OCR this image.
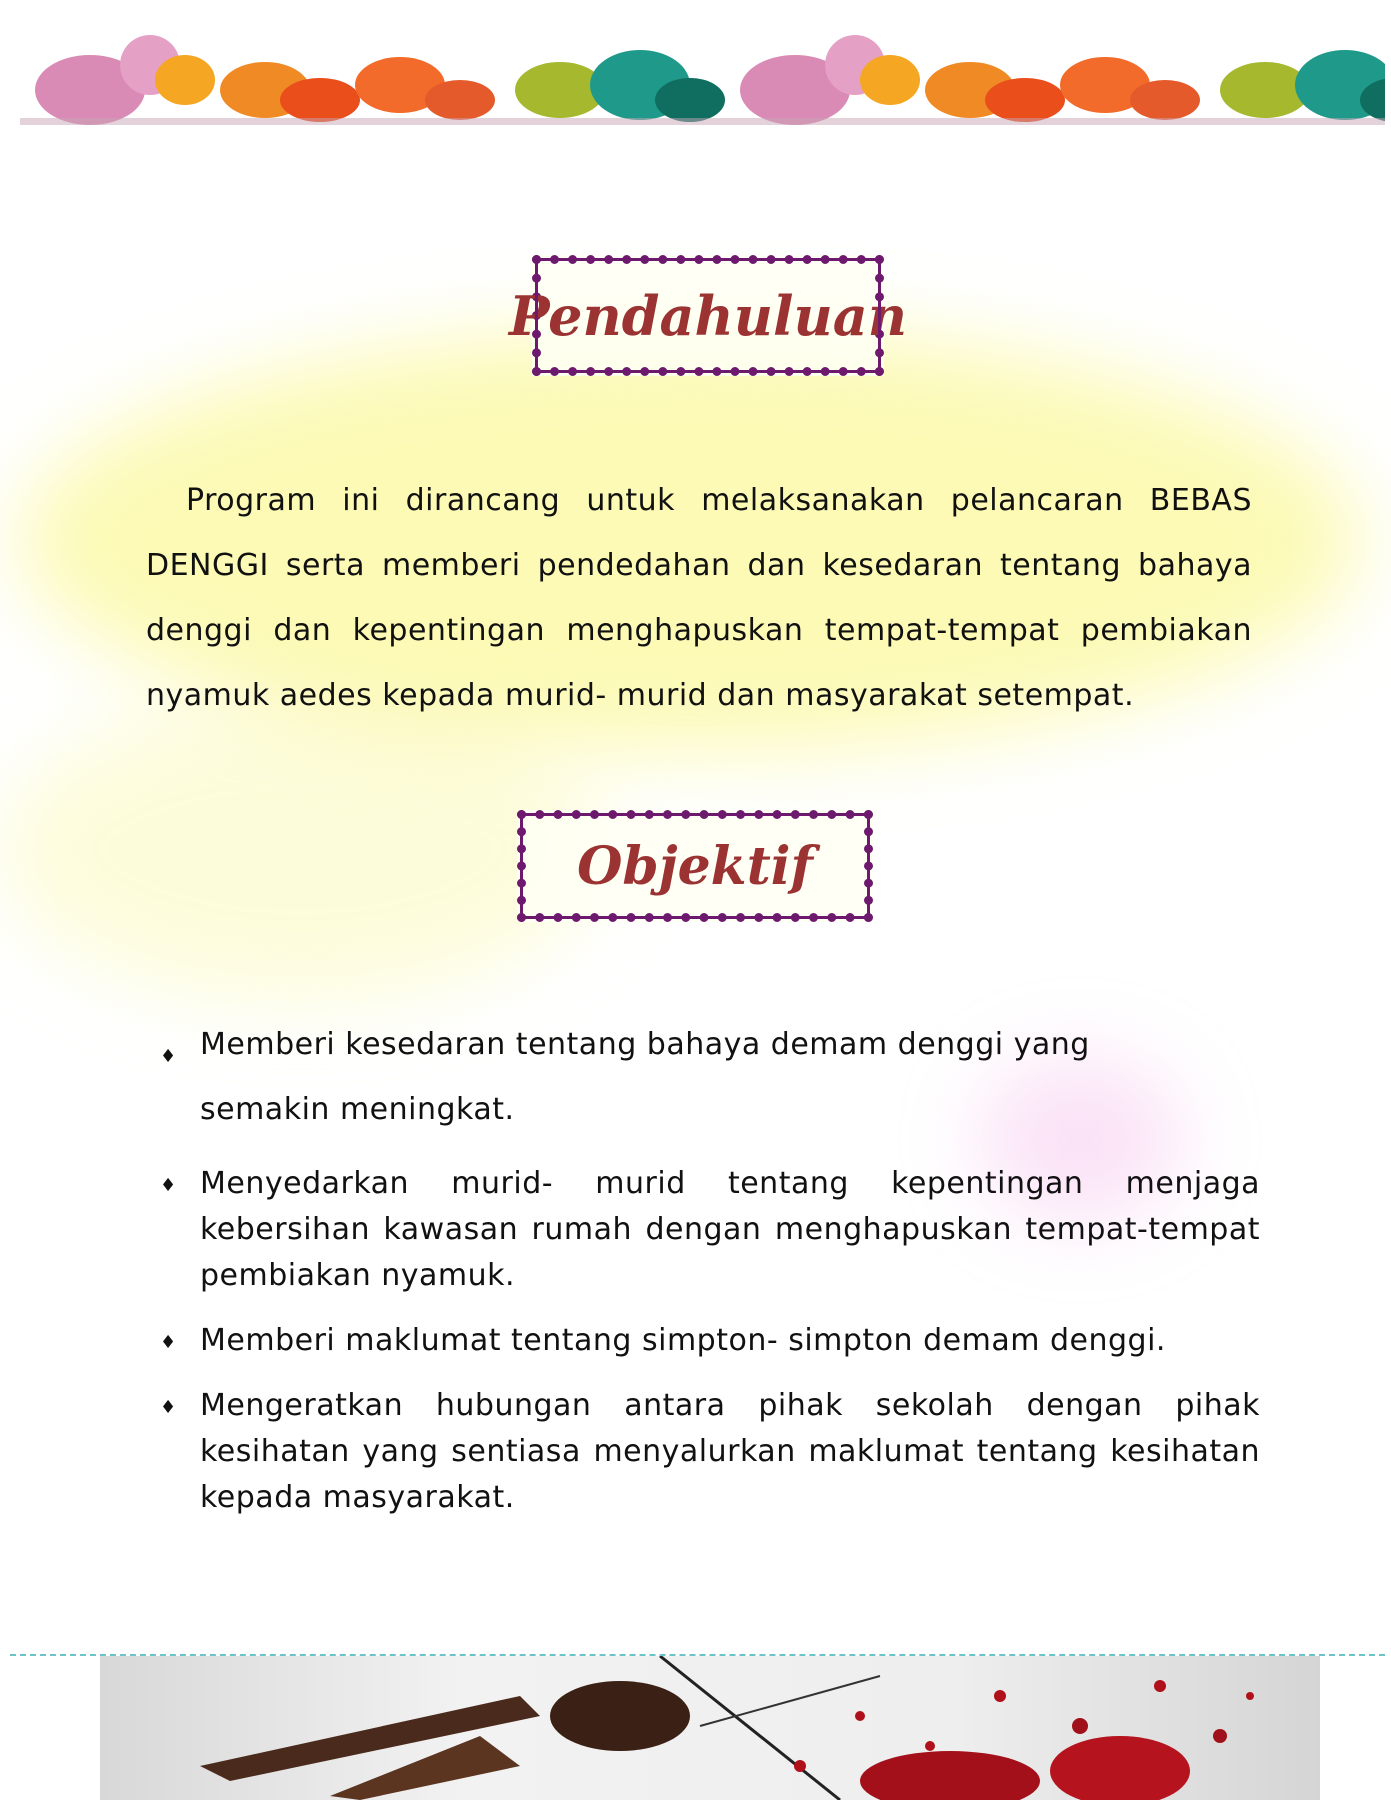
Pendahuluan
Program ini dirancang untuk melaksanakan pelancaran BEBAS DENGGI serta memberi pendedahan dan kesedaran tentang bahaya denggi dan kepentingan menghapuskan tempat-tempat pembiakan nyamuk aedes kepada murid- murid dan masyarakat setempat.
Objektif
♦ Memberi kesedaran tentang bahaya demam denggi yang semakin meningkat.
♦ Menyedarkan murid- murid tentang kepentingan menjaga kebersihan kawasan rumah dengan menghapuskan tempat-tempat pembiakan nyamuk.
♦ Memberi maklumat tentang simpton- simpton demam denggi.
♦ Mengeratkan hubungan antara pihak sekolah dengan pihak kesihatan yang sentiasa menyalurkan maklumat tentang kesihatan kepada masyarakat.
